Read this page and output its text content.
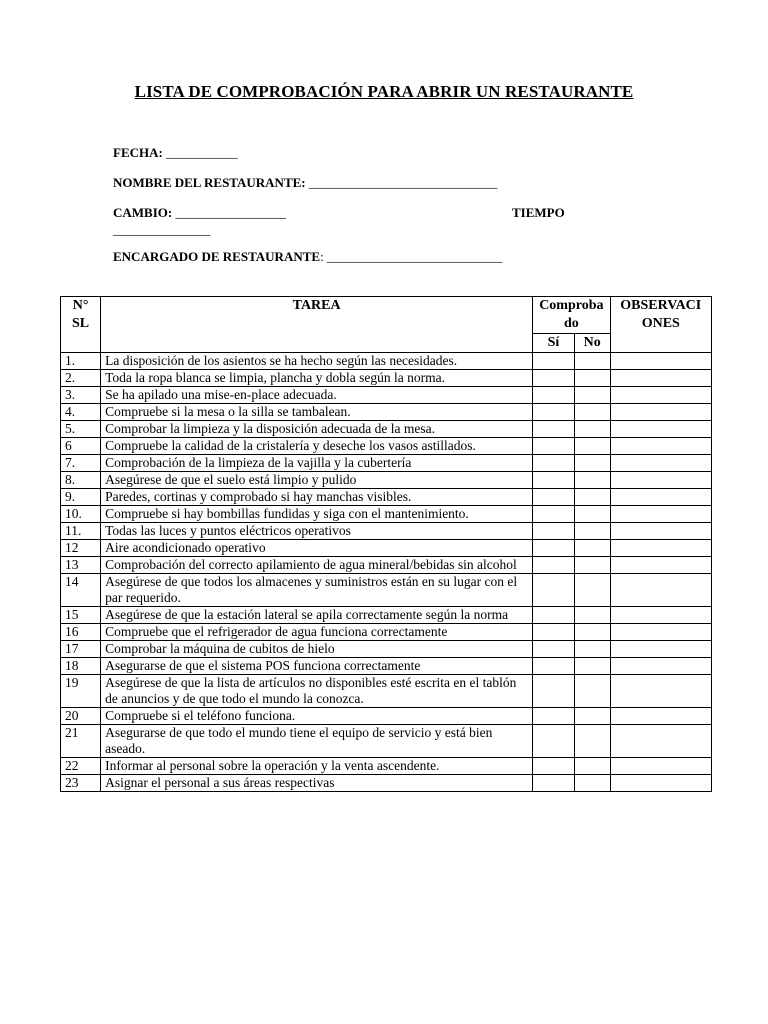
LISTA DE COMPROBACIÓN PARA ABRIR UN RESTAURANTE
FECHA: ___________
NOMBRE DEL RESTAURANTE: _____________________________
CAMBIO: _________________	TIEMPO
_______________
ENCARGADO DE RESTAURANTE: ___________________________
N° SL	TAREA	Comproba do		OBSERVACI ONES
		Sí	No	
1.	La disposición de los asientos se ha hecho según las necesidades.			
2.	Toda la ropa blanca se limpia, plancha y dobla según la norma.			
3.	Se ha apilado una mise-en-place adecuada.			
4.	Compruebe si la mesa o la silla se tambalean.			
5.	Comprobar la limpieza y la disposición adecuada de la mesa.			
6	Compruebe la calidad de la cristalería y deseche los vasos astillados.			
7.	Comprobación de la limpieza de la vajilla y la cubertería			
8.	Asegúrese de que el suelo está limpio y pulido			
9.	Paredes, cortinas y comprobado si hay manchas visibles.			
10.	Compruebe si hay bombillas fundidas y siga con el mantenimiento.			
11.	Todas las luces y puntos eléctricos operativos			
12	Aire acondicionado operativo			
13	Comprobación del correcto apilamiento de agua mineral/bebidas sin alcohol			
14	Asegúrese de que todos los almacenes y suministros están en su lugar con el par requerido.			
15	Asegúrese de que la estación lateral se apila correctamente según la norma			
16	Compruebe que el refrigerador de agua funciona correctamente			
17	Comprobar la máquina de cubitos de hielo			
18	Asegurarse de que el sistema POS funciona correctamente			
19	Asegúrese de que la lista de artículos no disponibles esté escrita en el tablón de anuncios y de que todo el mundo la conozca.			
20	Compruebe si el teléfono funciona.			
21	Asegurarse de que todo el mundo tiene el equipo de servicio y está bien aseado.			
22	Informar al personal sobre la operación y la venta ascendente.			
23	Asignar el personal a sus áreas respectivas			
